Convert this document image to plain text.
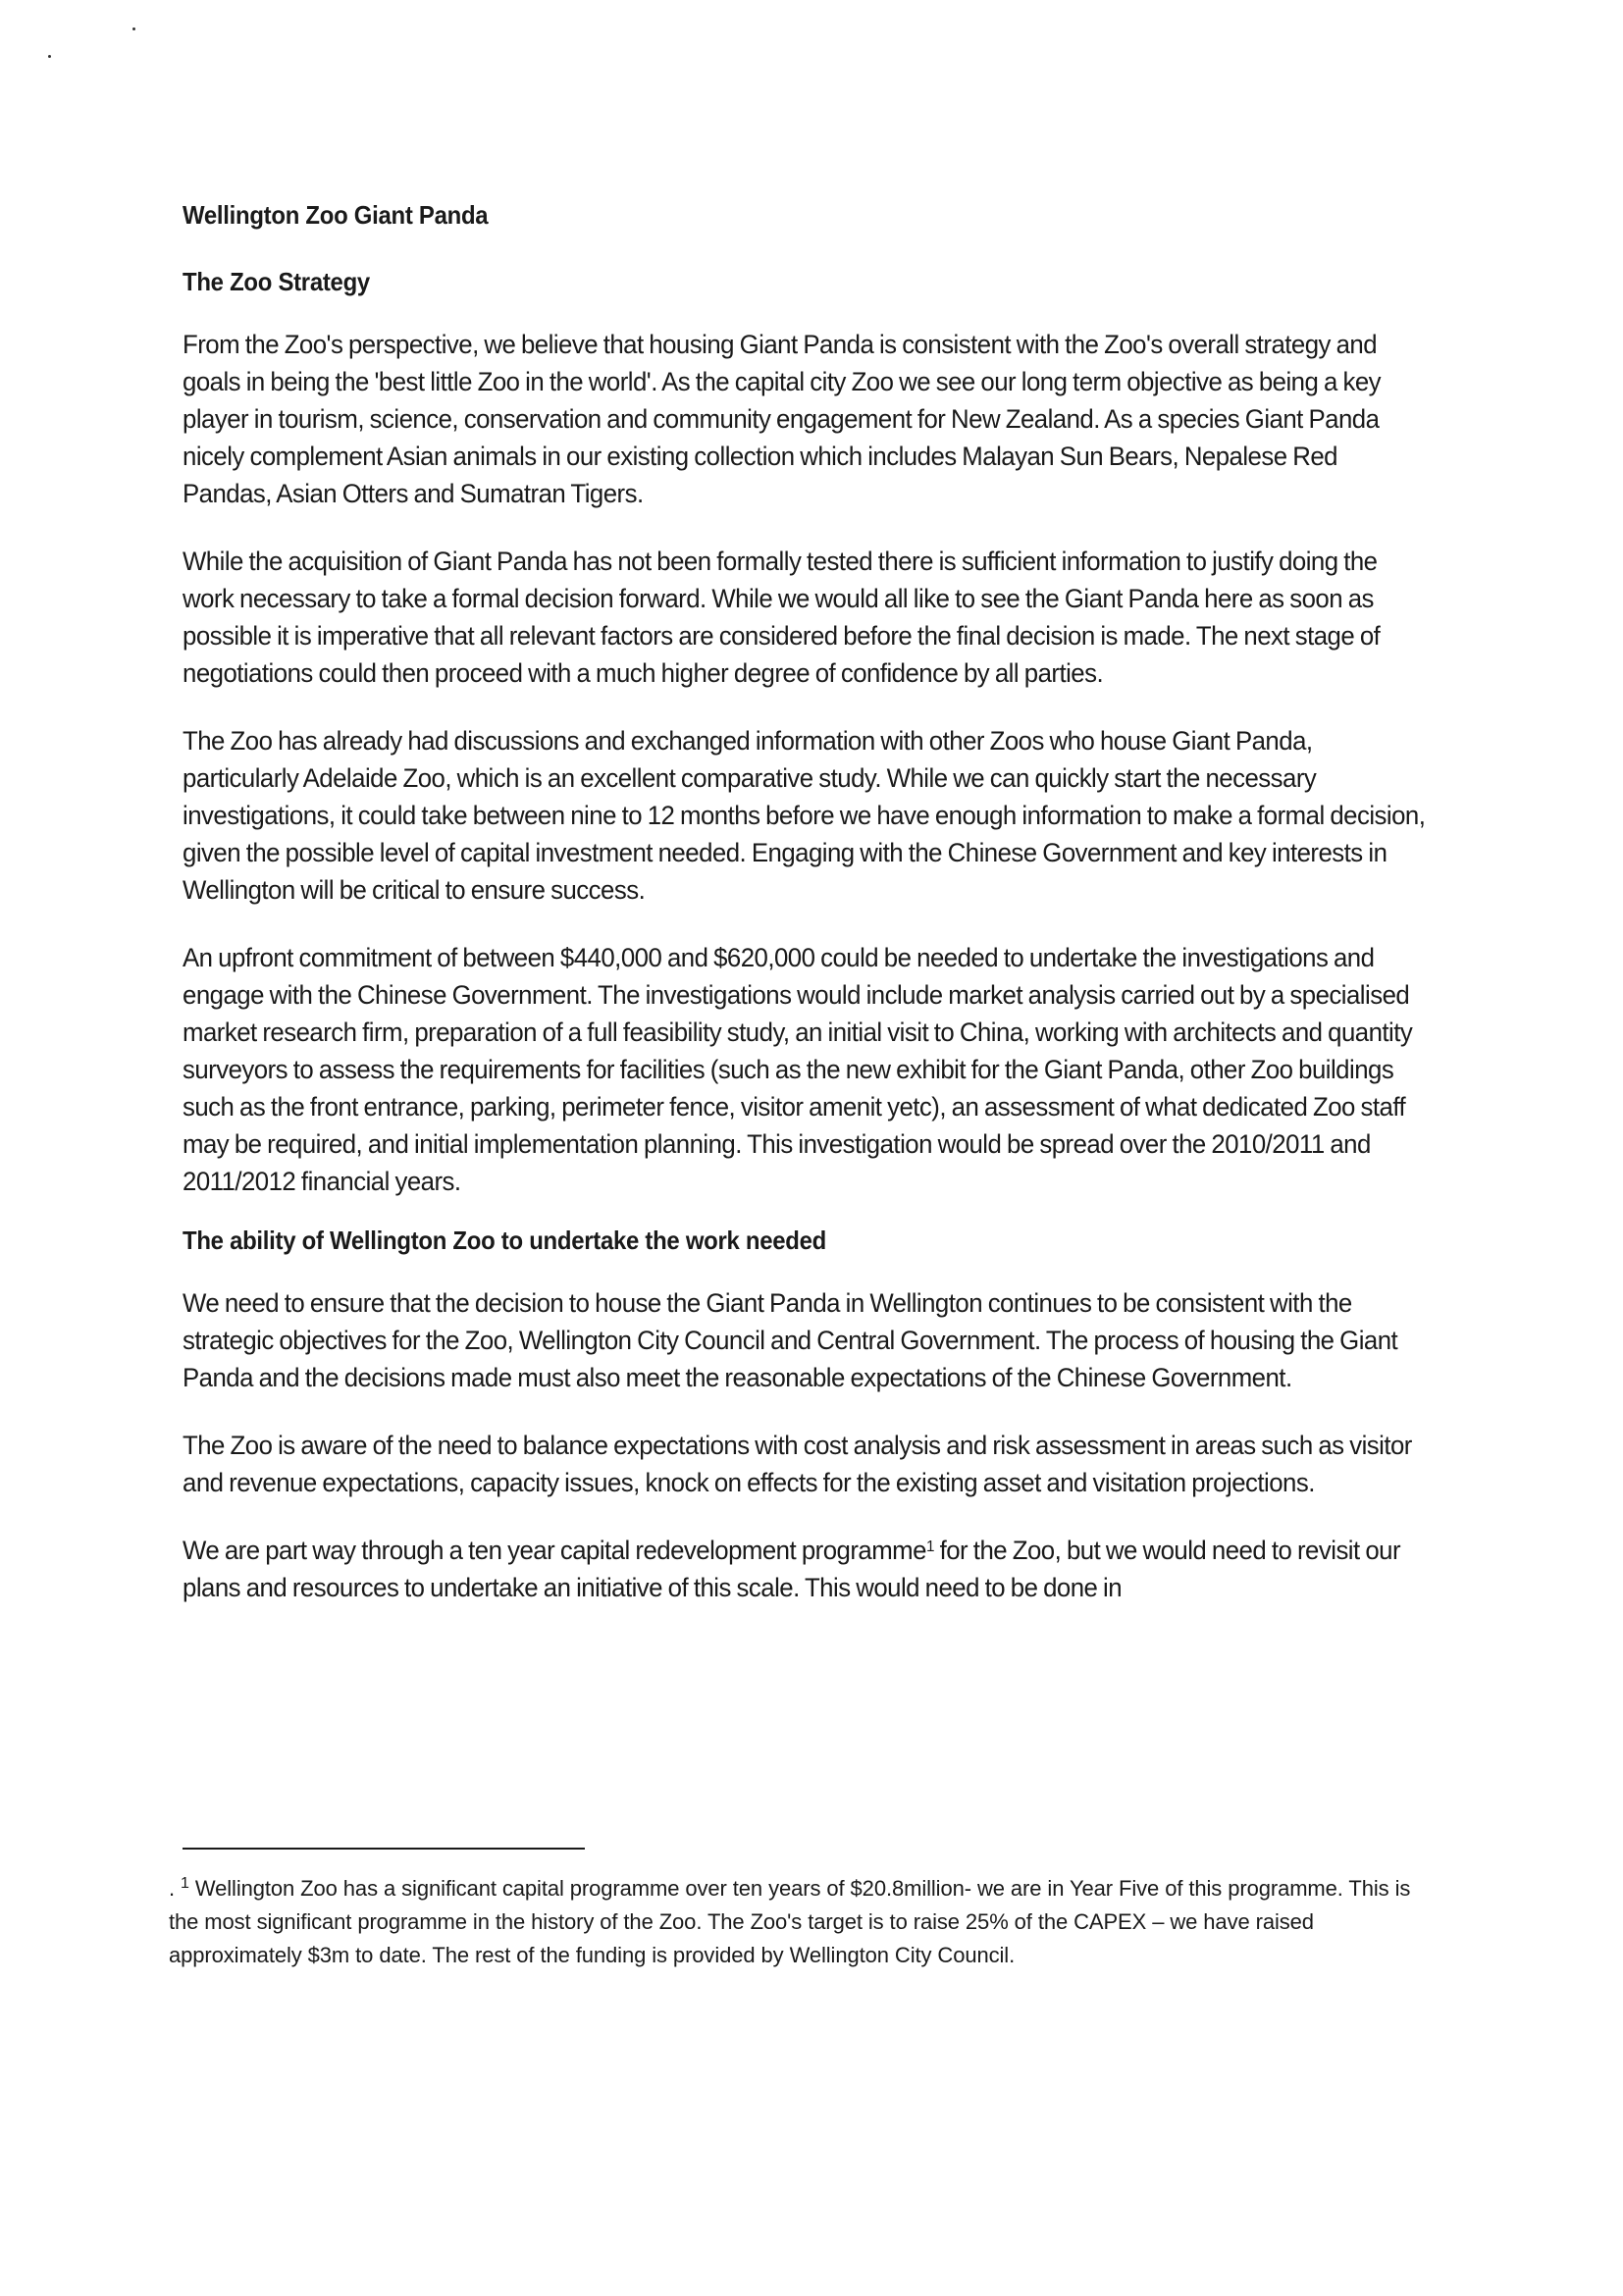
Wellington Zoo Giant Panda
The Zoo Strategy

From the Zoo's perspective, we believe that housing Giant Panda is consistent with the Zoo's overall strategy and goals in being the 'best little Zoo in the world'. As the capital city Zoo we see our long term objective as being a key player in tourism, science, conservation and community engagement for New Zealand. As a species Giant Panda nicely complement Asian animals in our existing collection which includes Malayan Sun Bears, Nepalese Red Pandas, Asian Otters and Sumatran Tigers.

While the acquisition of Giant Panda has not been formally tested there is sufficient information to justify doing the work necessary to take a formal decision forward. While we would all like to see the Giant Panda here as soon as possible it is imperative that all relevant factors are considered before the final decision is made. The next stage of negotiations could then proceed with a much higher degree of confidence by all parties.

The Zoo has already had discussions and exchanged information with other Zoos who house Giant Panda, particularly Adelaide Zoo, which is an excellent comparative study. While we can quickly start the necessary investigations, it could take between nine to 12 months before we have enough information to make a formal decision, given the possible level of capital investment needed. Engaging with the Chinese Government and key interests in Wellington will be critical to ensure success.

An upfront commitment of between $440,000 and $620,000 could be needed to undertake the investigations and engage with the Chinese Government. The investigations would include market analysis carried out by a specialised market research firm, preparation of a full feasibility study, an initial visit to China, working with architects and quantity surveyors to assess the requirements for facilities (such as the new exhibit for the Giant Panda, other Zoo buildings such as the front entrance, parking, perimeter fence, visitor amenit yetc), an assessment of what dedicated Zoo staff may be required, and initial implementation planning. This investigation would be spread over the 2010/2011 and 2011/2012 financial years.

The ability of Wellington Zoo to undertake the work needed

We need to ensure that the decision to house the Giant Panda in Wellington continues to be consistent with the strategic objectives for the Zoo, Wellington City Council and Central Government. The process of housing the Giant Panda and the decisions made must also meet the reasonable expectations of the Chinese Government.

The Zoo is aware of the need to balance expectations with cost analysis and risk assessment in areas such as visitor and revenue expectations, capacity issues, knock on effects for the existing asset and visitation projections.

We are part way through a ten year capital redevelopment programme$^1$ for the Zoo, but we would need to revisit our plans and resources to undertake an initiative of this scale. This would need to be done in

. $^1$ Wellington Zoo has a significant capital programme over ten years of $20.8million- we are in Year Five of this programme. This is the most significant programme in the history of the Zoo. The Zoo's target is to raise 25% of the CAPEX – we have raised approximately $3m to date. The rest of the funding is provided by Wellington City Council.
